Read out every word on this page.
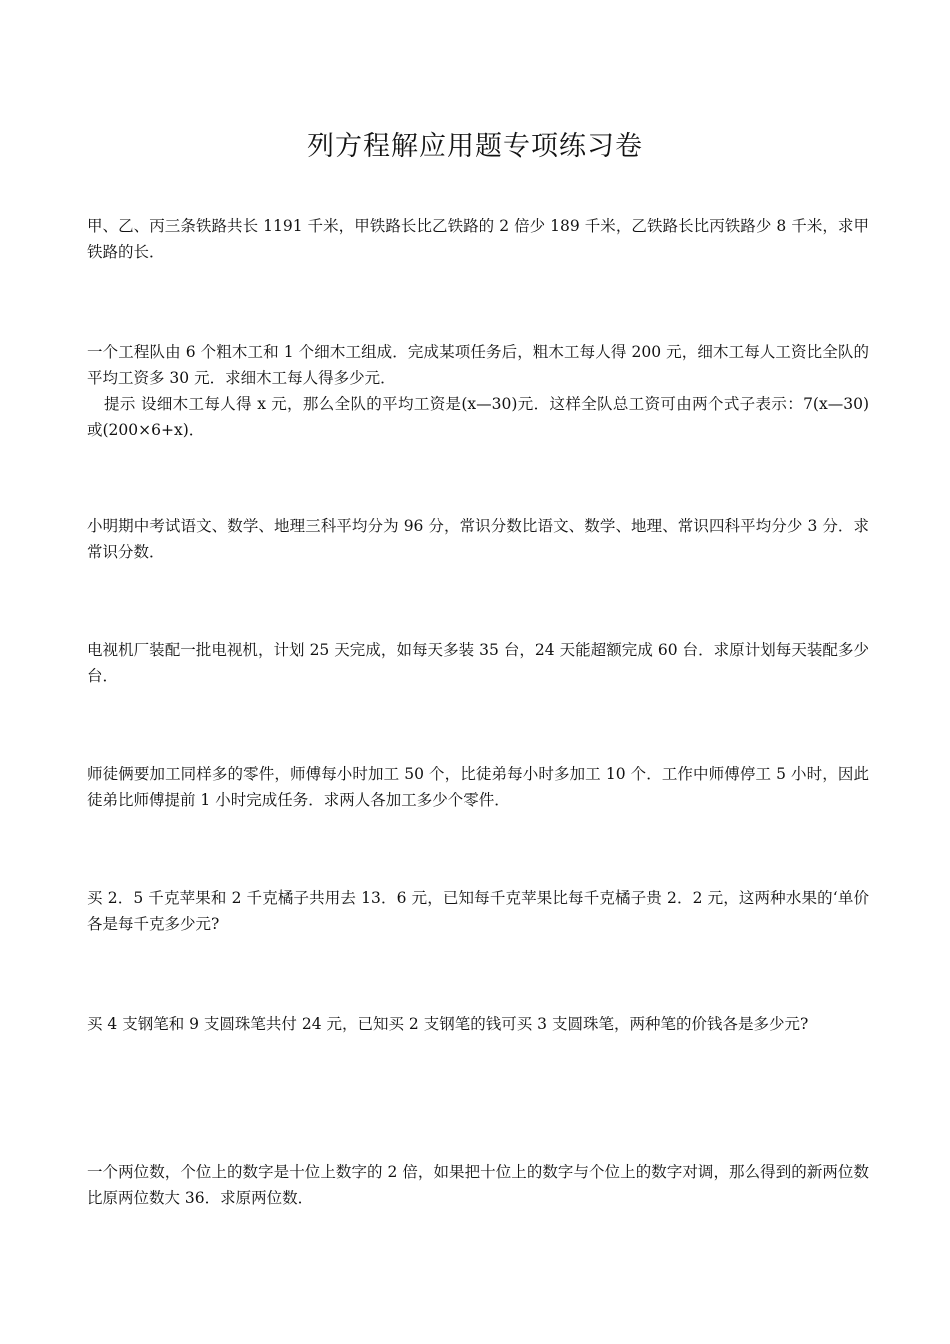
列方程解应用题专项练习卷

甲、乙、丙三条铁路共长 1191 千米，甲铁路长比乙铁路的 2 倍少 189 千米，乙铁路长比丙铁路少 8 千米，求甲铁路的长．

一个工程队由 6 个粗木工和 1 个细木工组成．完成某项任务后，粗木工每人得 200 元，细木工每人工资比全队的平均工资多 30 元．求细木工每人得多少元．

提示 设细木工每人得 x 元，那么全队的平均工资是(x—30)元．这样全队总工资可由两个式子表示：7(x—30)或(200×6+x)．

小明期中考试语文、数学、地理三科平均分为 96 分，常识分数比语文、数学、地理、常识四科平均分少 3 分．求常识分数．

电视机厂装配一批电视机，计划 25 天完成，如每天多装 35 台，24 天能超额完成 60 台．求原计划每天装配多少台．

师徒俩要加工同样多的零件，师傅每小时加工 50 个，比徒弟每小时多加工 10 个．工作中师傅停工 5 小时，因此徒弟比师傅提前 1 小时完成任务．求两人各加工多少个零件．

买 2．5 千克苹果和 2 千克橘子共用去 13．6 元，已知每千克苹果比每千克橘子贵 2．2 元，这两种水果的‘单价各是每千克多少元?

买 4 支钢笔和 9 支圆珠笔共付 24 元，已知买 2 支钢笔的钱可买 3 支圆珠笔，两种笔的价钱各是多少元?

一个两位数，个位上的数字是十位上数字的 2 倍，如果把十位上的数字与个位上的数字对调，那么得到的新两位数比原两位数大 36．求原两位数．
